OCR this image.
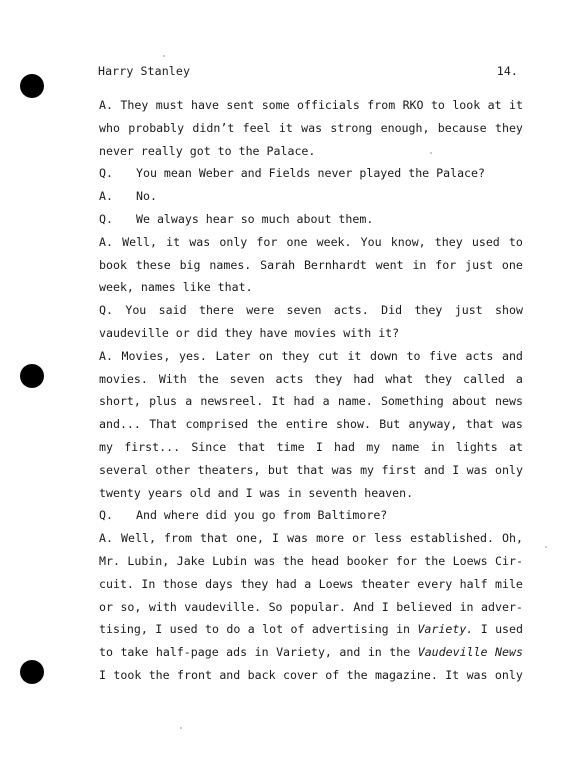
Harry Stanley	14.
A. They must have sent some officials from RKO to look at it
who probably didn’t feel it was strong enough, because they
never really got to the Palace.
Q. You mean Weber and Fields never played the Palace?
A. No.
Q. We always hear so much about them.
A. Well, it was only for one week. You know, they used to
book these big names. Sarah Bernhardt went in for just one
week, names like that.
Q. You said there were seven acts. Did they just show
vaudeville or did they have movies with it?
A. Movies, yes. Later on they cut it down to five acts and
movies. With the seven acts they had what they called a
short, plus a newsreel. It had a name. Something about news
and... That comprised the entire show. But anyway, that was
my first... Since that time I had my name in lights at
several other theaters, but that was my first and I was only
twenty years old and I was in seventh heaven.
Q. And where did you go from Baltimore?
A. Well, from that one, I was more or less established. Oh,
Mr. Lubin, Jake Lubin was the head booker for the Loews Cir-
cuit. In those days they had a Loews theater every half mile
or so, with vaudeville. So popular. And I believed in adver-
tising, I used to do a lot of advertising in Variety. I used
to take half-page ads in Variety, and in the Vaudeville News
I took the front and back cover of the magazine. It was only
